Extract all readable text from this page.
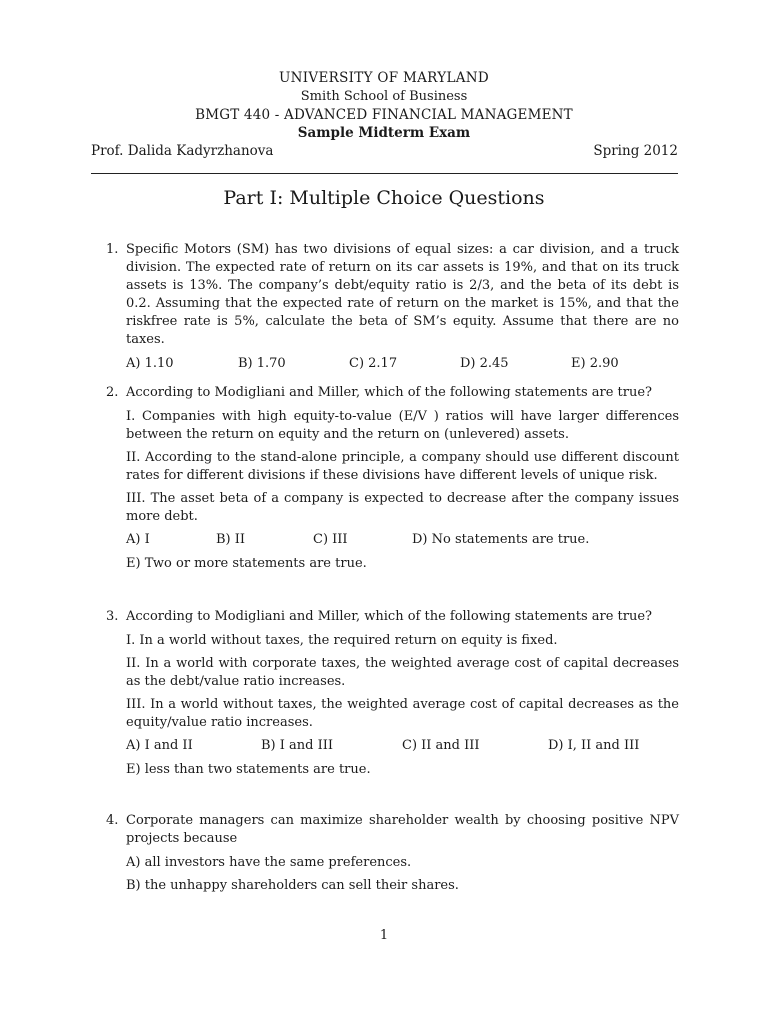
UNIVERSITY OF MARYLAND
Smith School of Business
BMGT 440 - ADVANCED FINANCIAL MANAGEMENT
Sample Midterm Exam
Prof. Dalida Kadyrzhanova	Spring 2012
Part I: Multiple Choice Questions
1. Specific Motors (SM) has two divisions of equal sizes: a car division, and a truck division. The expected rate of return on its car assets is 19%, and that on its truck assets is 13%. The company’s debt/equity ratio is 2/3, and the beta of its debt is 0.2. Assuming that the expected rate of return on the market is 15%, and that the riskfree rate is 5%, calculate the beta of SM’s equity. Assume that there are no taxes.

A) 1.10	B) 1.70	C) 2.17	D) 2.45	E) 2.90
2. According to Modigliani and Miller, which of the following statements are true?

I. Companies with high equity-to-value (E/V ) ratios will have larger differences between the return on equity and the return on (unlevered) assets.

II. According to the stand-alone principle, a company should use different discount rates for different divisions if these divisions have different levels of unique risk.

III. The asset beta of a company is expected to decrease after the company issues more debt.

A) I	B) II	C) III	D) No statements are true.
E) Two or more statements are true.
3. According to Modigliani and Miller, which of the following statements are true?

I. In a world without taxes, the required return on equity is fixed.

II. In a world with corporate taxes, the weighted average cost of capital decreases as the debt/value ratio increases.

III. In a world without taxes, the weighted average cost of capital decreases as the equity/value ratio increases.

A) I and II	B) I and III	C) II and III	D) I, II and III
E) less than two statements are true.
4. Corporate managers can maximize shareholder wealth by choosing positive NPV projects because

A) all investors have the same preferences.

B) the unhappy shareholders can sell their shares.

1
